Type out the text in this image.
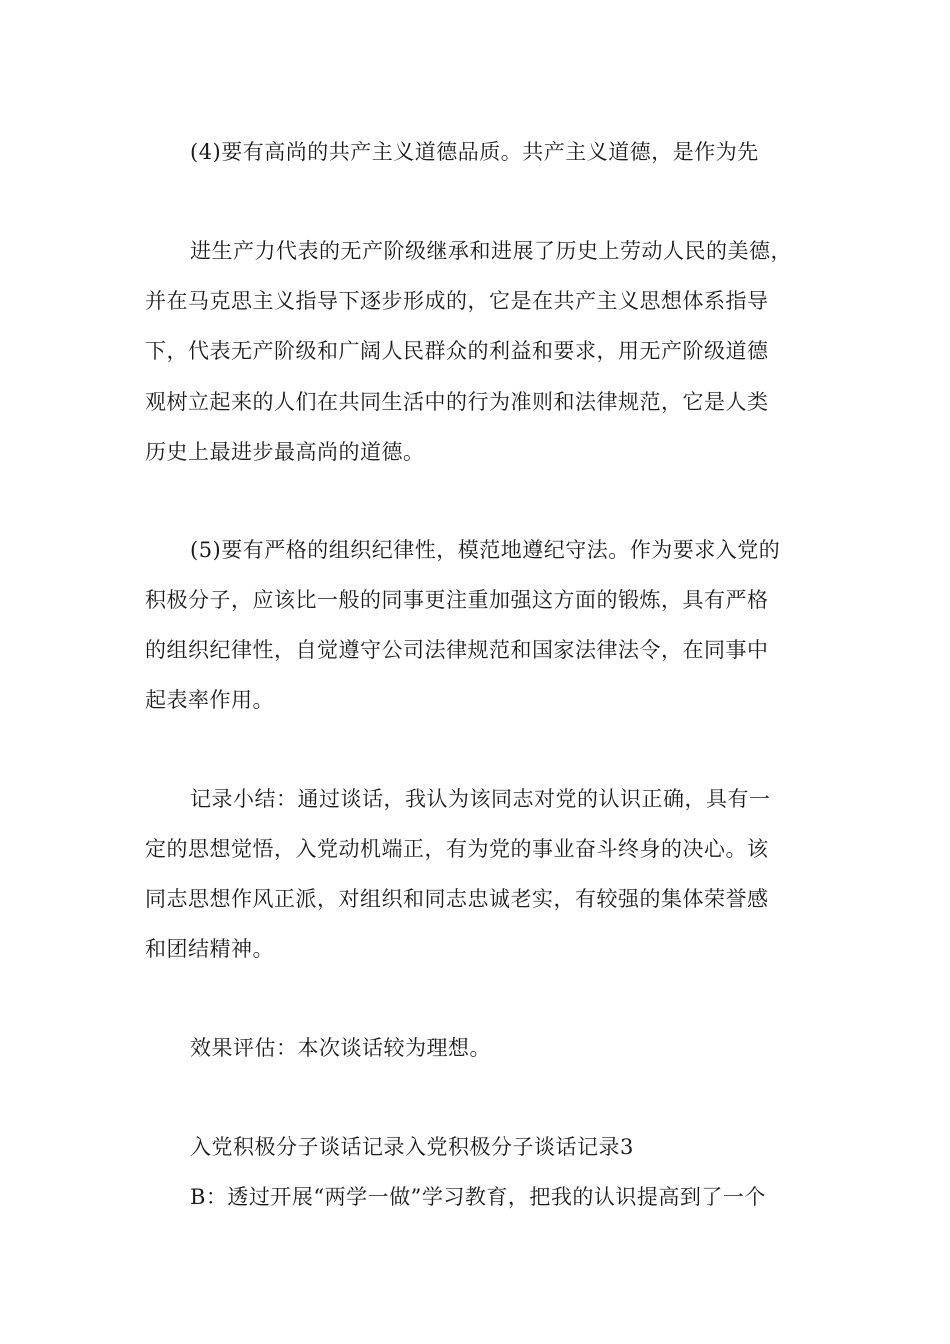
(4)要有高尚的共产主义道德品质。共产主义道德，是作为先

进生产力代表的无产阶级继承和进展了历史上劳动人民的美德，

并在马克思主义指导下逐步形成的，它是在共产主义思想体系指导

下，代表无产阶级和广阔人民群众的利益和要求，用无产阶级道德

观树立起来的人们在共同生活中的行为准则和法律规范，它是人类

历史上最进步最高尚的道德。

(5)要有严格的组织纪律性，模范地遵纪守法。作为要求入党的

积极分子，应该比一般的同事更注重加强这方面的锻炼，具有严格

的组织纪律性，自觉遵守公司法律规范和国家法律法令，在同事中

起表率作用。

记录小结：通过谈话，我认为该同志对党的认识正确，具有一

定的思想觉悟，入党动机端正，有为党的事业奋斗终身的决心。该

同志思想作风正派，对组织和同志忠诚老实，有较强的集体荣誉感

和团结精神。

效果评估：本次谈话较为理想。

入党积极分子谈话记录入党积极分子谈话记录3

B：透过开展“两学一做”学习教育，把我的认识提高到了一个
